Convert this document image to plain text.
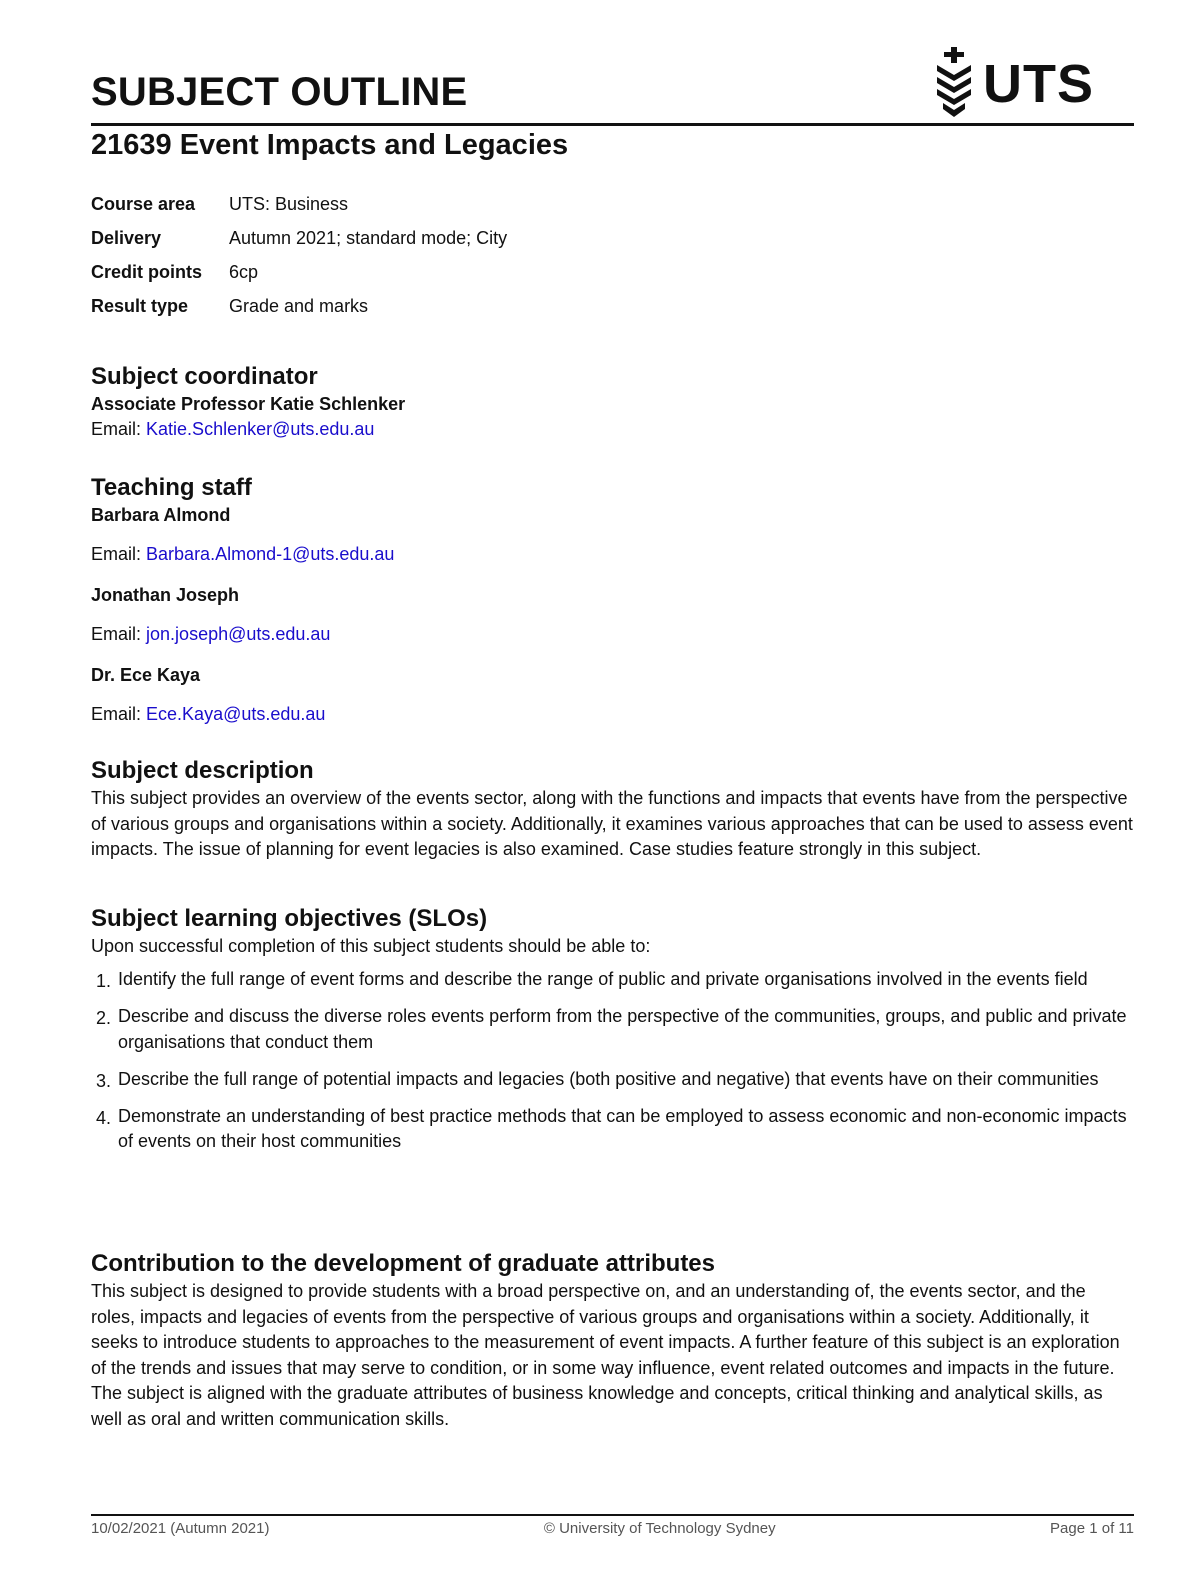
SUBJECT OUTLINE	UTS
21639 Event Impacts and Legacies
Course area	UTS: Business
Delivery	Autumn 2021; standard mode; City
Credit points	6cp
Result type	Grade and marks
Subject coordinator
Associate Professor Katie Schlenker
Email: Katie.Schlenker@uts.edu.au
Teaching staff
Barbara Almond
Email: Barbara.Almond-1@uts.edu.au
Jonathan Joseph
Email: jon.joseph@uts.edu.au
Dr. Ece Kaya
Email: Ece.Kaya@uts.edu.au
Subject description

This subject provides an overview of the events sector, along with the functions and impacts that events have from the perspective of various groups and organisations within a society. Additionally, it examines various approaches that can be used to assess event impacts. The issue of planning for event legacies is also examined. Case studies feature strongly in this subject.

Subject learning objectives (SLOs)
Upon successful completion of this subject students should be able to:
1. Identify the full range of event forms and describe the range of public and private organisations involved in the events field
2. Describe and discuss the diverse roles events perform from the perspective of the communities, groups, and public and private organisations that conduct them
3. Describe the full range of potential impacts and legacies (both positive and negative) that events have on their communities
4. Demonstrate an understanding of best practice methods that can be employed to assess economic and non-economic impacts of events on their host communities
Contribution to the development of graduate attributes

This subject is designed to provide students with a broad perspective on, and an understanding of, the events sector, and the roles, impacts and legacies of events from the perspective of various groups and organisations within a society. Additionally, it seeks to introduce students to approaches to the measurement of event impacts. A further feature of this subject is an exploration of the trends and issues that may serve to condition, or in some way influence, event related outcomes and impacts in the future. The subject is aligned with the graduate attributes of business knowledge and concepts, critical thinking and analytical skills, as well as oral and written communication skills.

10/02/2021 (Autumn 2021)	© University of Technology Sydney	Page 1 of 11
